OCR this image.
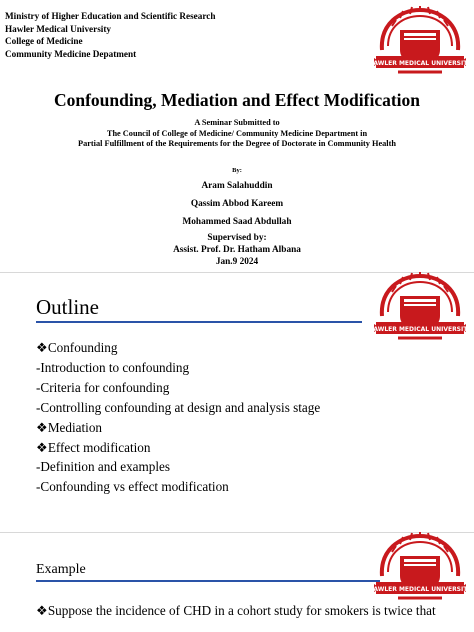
Ministry of Higher Education and Scientific Research
Hawler Medical University
College of Medicine
Community Medicine Depatment
Confounding, Mediation and Effect Modification
A Seminar Submitted to
The Council of College of Medicine/ Community Medicine Department in
Partial Fulfillment of the Requirements for the Degree of Doctorate in Community Health
By:
Aram Salahuddin
Qassim Abbod Kareem
Mohammed Saad Abdullah
Supervised by:
Assist. Prof. Dr. Hatham Albana
Jan.9 2024
Outline
❖Confounding
-Introduction to confounding
-Criteria for confounding
-Controlling confounding at design and analysis stage
❖Mediation
❖Effect modification
-Definition and examples
-Confounding vs effect modification
Example
❖Suppose the incidence of CHD in a cohort study for smokers is twice that
